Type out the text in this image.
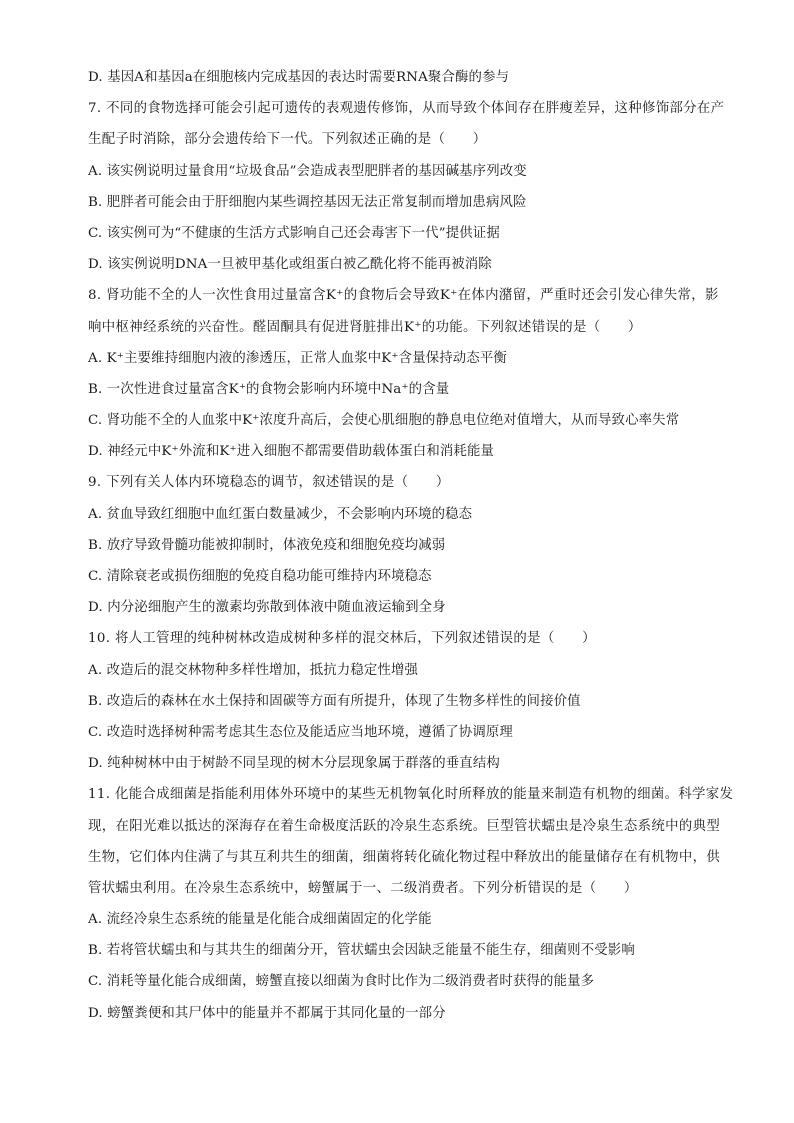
D. 基因A和基因a在细胞核内完成基因的表达时需要RNA聚合酶的参与
7. 不同的食物选择可能会引起可遗传的表观遗传修饰，从而导致个体间存在胖瘦差异，这种修饰部分在产
生配子时消除，部分会遗传给下一代。下列叙述正确的是（　　）
A. 该实例说明过量食用“垃圾食品”会造成表型肥胖者的基因碱基序列改变
B. 肥胖者可能会由于肝细胞内某些调控基因无法正常复制而增加患病风险
C. 该实例可为“不健康的生活方式影响自己还会毒害下一代”提供证据
D. 该实例说明DNA一旦被甲基化或组蛋白被乙酰化将不能再被消除
8. 肾功能不全的人一次性食用过量富含K⁺的食物后会导致K⁺在体内潴留，严重时还会引发心律失常，影
响中枢神经系统的兴奋性。醛固酮具有促进肾脏排出K⁺的功能。下列叙述错误的是（　　）
A. K⁺主要维持细胞内液的渗透压，正常人血浆中K⁺含量保持动态平衡
B. 一次性进食过量富含K⁺的食物会影响内环境中Na⁺的含量
C. 肾功能不全的人血浆中K⁺浓度升高后，会使心肌细胞的静息电位绝对值增大，从而导致心率失常
D. 神经元中K⁺外流和K⁺进入细胞不都需要借助载体蛋白和消耗能量
9. 下列有关人体内环境稳态的调节，叙述错误的是（　　）
A. 贫血导致红细胞中血红蛋白数量减少，不会影响内环境的稳态
B. 放疗导致骨髓功能被抑制时，体液免疫和细胞免疫均减弱
C. 清除衰老或损伤细胞的免疫自稳功能可维持内环境稳态
D. 内分泌细胞产生的激素均弥散到体液中随血液运输到全身
10. 将人工管理的纯种树林改造成树种多样的混交林后，下列叙述错误的是（　　）
A. 改造后的混交林物种多样性增加，抵抗力稳定性增强
B. 改造后的森林在水土保持和固碳等方面有所提升，体现了生物多样性的间接价值
C. 改造时选择树种需考虑其生态位及能适应当地环境，遵循了协调原理
D. 纯种树林中由于树龄不同呈现的树木分层现象属于群落的垂直结构
11. 化能合成细菌是指能利用体外环境中的某些无机物氧化时所释放的能量来制造有机物的细菌。科学家发
现，在阳光难以抵达的深海存在着生命极度活跃的冷泉生态系统。巨型管状蠕虫是冷泉生态系统中的典型
生物，它们体内住满了与其互利共生的细菌，细菌将转化硫化物过程中释放出的能量储存在有机物中，供
管状蠕虫利用。在冷泉生态系统中，螃蟹属于一、二级消费者。下列分析错误的是（　　）
A. 流经冷泉生态系统的能量是化能合成细菌固定的化学能
B. 若将管状蠕虫和与其共生的细菌分开，管状蠕虫会因缺乏能量不能生存，细菌则不受影响
C. 消耗等量化能合成细菌，螃蟹直接以细菌为食时比作为二级消费者时获得的能量多
D. 螃蟹粪便和其尸体中的能量并不都属于其同化量的一部分
